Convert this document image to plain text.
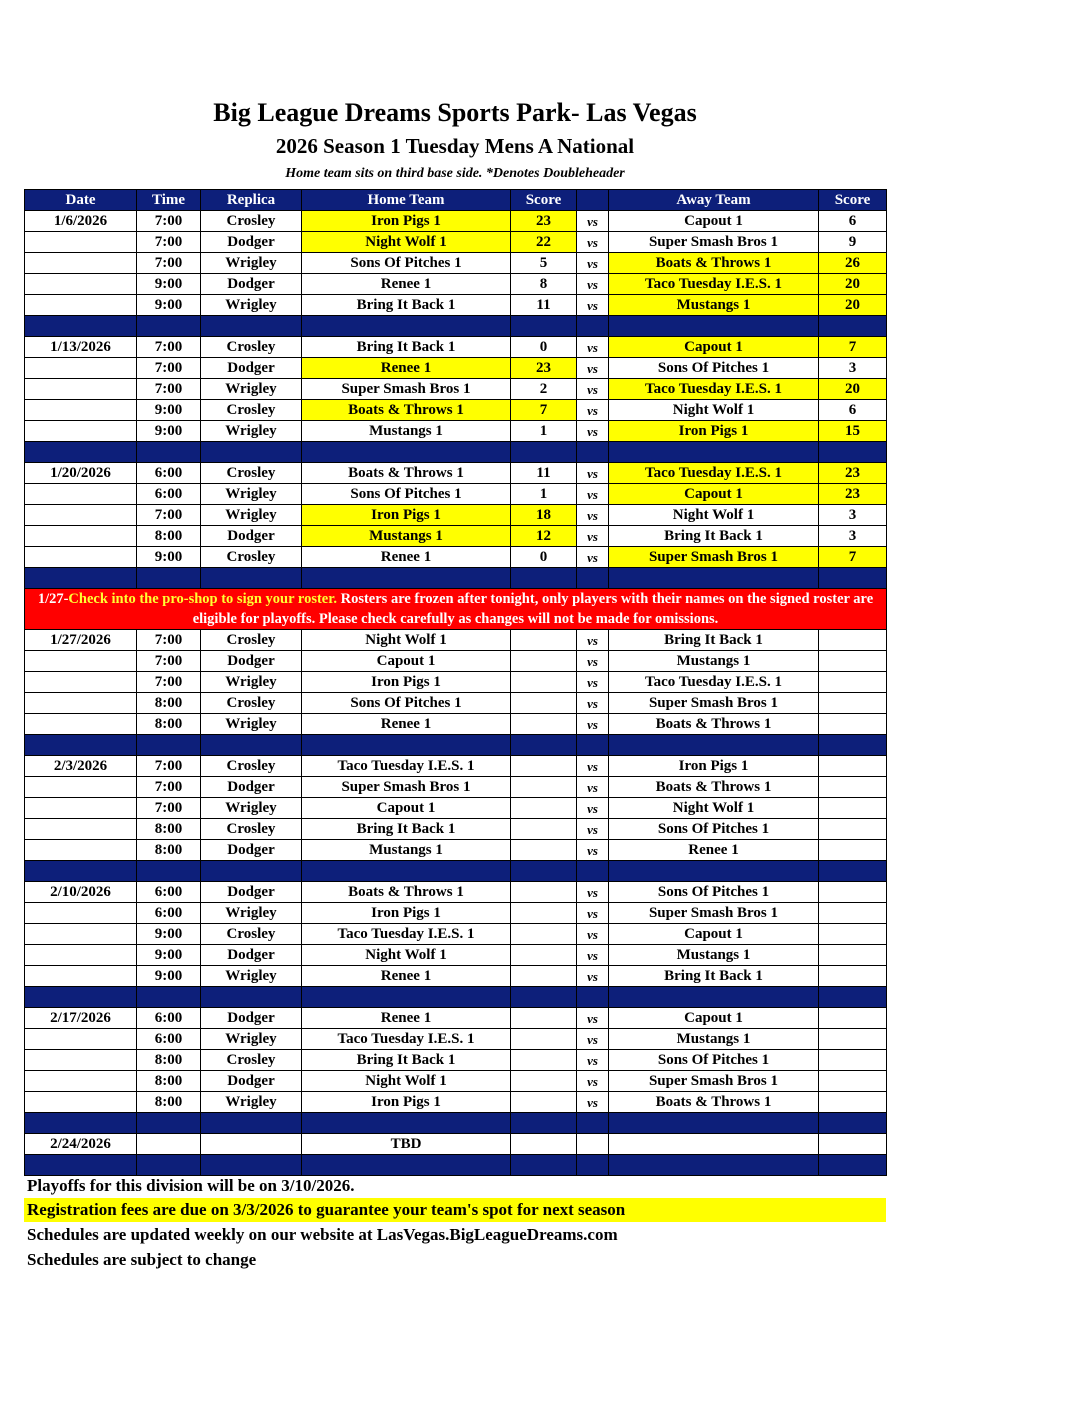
Big League Dreams Sports Park- Las Vegas
2026 Season 1 Tuesday Mens A National
Home team sits on third base side. *Denotes Doubleheader
Date	Time	Replica	Home Team	Score		Away Team	Score
1/6/2026	7:00	Crosley	Iron Pigs 1	23	vs	Capout 1	6
	7:00	Dodger	Night Wolf 1	22	vs	Super Smash Bros 1	9
	7:00	Wrigley	Sons Of Pitches 1	5	vs	Boats & Throws 1	26
	9:00	Dodger	Renee 1	8	vs	Taco Tuesday I.E.S. 1	20
	9:00	Wrigley	Bring It Back 1	11	vs	Mustangs 1	20

1/13/2026	7:00	Crosley	Bring It Back 1	0	vs	Capout 1	7
	7:00	Dodger	Renee 1	23	vs	Sons Of Pitches 1	3
	7:00	Wrigley	Super Smash Bros 1	2	vs	Taco Tuesday I.E.S. 1	20
	9:00	Crosley	Boats & Throws 1	7	vs	Night Wolf 1	6
	9:00	Wrigley	Mustangs 1	1	vs	Iron Pigs 1	15

1/20/2026	6:00	Crosley	Boats & Throws 1	11	vs	Taco Tuesday I.E.S. 1	23
	6:00	Wrigley	Sons Of Pitches 1	1	vs	Capout 1	23
	7:00	Wrigley	Iron Pigs 1	18	vs	Night Wolf 1	3
	8:00	Dodger	Mustangs 1	12	vs	Bring It Back 1	3
	9:00	Crosley	Renee 1	0	vs	Super Smash Bros 1	7

1/27-Check into the pro-shop to sign your roster. Rosters are frozen after tonight, only players with their names on the signed roster are eligible for playoffs. Please check carefully as changes will not be made for omissions.							
1/27/2026	7:00	Crosley	Night Wolf 1		vs	Bring It Back 1	
	7:00	Dodger	Capout 1		vs	Mustangs 1	
	7:00	Wrigley	Iron Pigs 1		vs	Taco Tuesday I.E.S. 1	
	8:00	Crosley	Sons Of Pitches 1		vs	Super Smash Bros 1	
	8:00	Wrigley	Renee 1		vs	Boats & Throws 1	

2/3/2026	7:00	Crosley	Taco Tuesday I.E.S. 1		vs	Iron Pigs 1	
	7:00	Dodger	Super Smash Bros 1		vs	Boats & Throws 1	
	7:00	Wrigley	Capout 1		vs	Night Wolf 1	
	8:00	Crosley	Bring It Back 1		vs	Sons Of Pitches 1	
	8:00	Dodger	Mustangs 1		vs	Renee 1	

2/10/2026	6:00	Dodger	Boats & Throws 1		vs	Sons Of Pitches 1	
	6:00	Wrigley	Iron Pigs 1		vs	Super Smash Bros 1	
	9:00	Crosley	Taco Tuesday I.E.S. 1		vs	Capout 1	
	9:00	Dodger	Night Wolf 1		vs	Mustangs 1	
	9:00	Wrigley	Renee 1		vs	Bring It Back 1	

2/17/2026	6:00	Dodger	Renee 1		vs	Capout 1	
	6:00	Wrigley	Taco Tuesday I.E.S. 1		vs	Mustangs 1	
	8:00	Crosley	Bring It Back 1		vs	Sons Of Pitches 1	
	8:00	Dodger	Night Wolf 1		vs	Super Smash Bros 1	
	8:00	Wrigley	Iron Pigs 1		vs	Boats & Throws 1	

2/24/2026			TBD				

Playoffs for this division will be on 3/10/2026.
Registration fees are due on 3/3/2026 to guarantee your team's spot for next season
Schedules are updated weekly on our website at LasVegas.BigLeagueDreams.com
Schedules are subject to change
